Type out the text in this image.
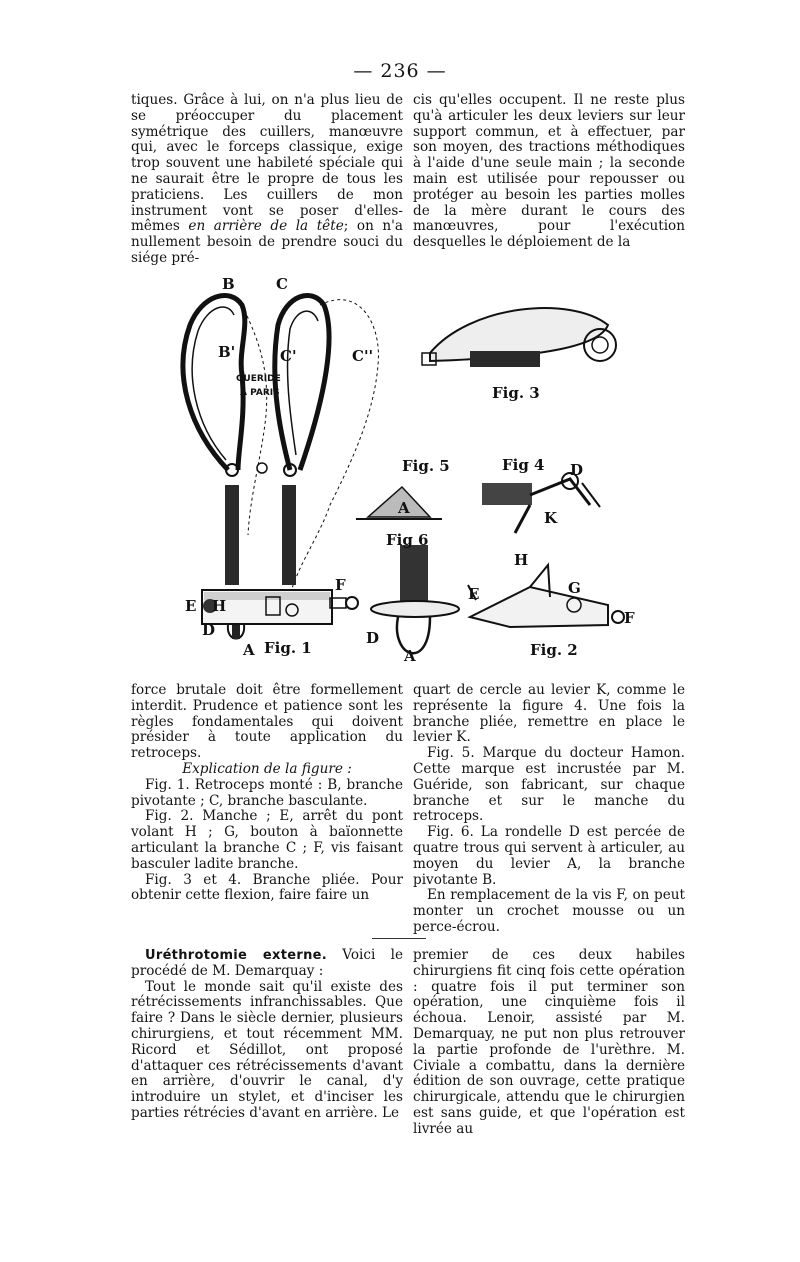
— 236 —

tiques. Grâce à lui, on n'a plus lieu de se préoccuper du placement symétrique des cuillers, manœuvre qui, avec le forceps classique, exige trop souvent une habileté spéciale qui ne saurait être le propre de tous les praticiens. Les cuillers de mon instrument vont se poser d'elles-mêmes en arrière de la tête; on n'a nullement besoin de prendre souci du siége pré-

cis qu'elles occupent. Il ne reste plus qu'à articuler les deux leviers sur leur support commun, et à effectuer, par son moyen, des tractions méthodiques à l'aide d'une seule main ; la seconde main est utilisée pour repousser ou protéger au besoin les parties molles de la mère durant le cours des manœuvres, pour l'exécution desquelles le déploiement de la

B	C
B'	C'	C''
GUERIDE
A PARIS
E H
F
D
A Fig. 1
Fig. 3
Fig. 5
A
Fig 4 D
K
Fig 6
D
A
H
G
E
F
Fig. 2

force brutale doit être formellement interdit. Prudence et patience sont les règles fondamentales qui doivent présider à toute application du retroceps.

Explication de la figure :

Fig. 1. Retroceps monté : B, branche pivotante ; C, branche basculante.

Fig. 2. Manche ; E, arrêt du pont volant H ; G, bouton à baïonnette articulant la branche C ; F, vis faisant basculer ladite branche.

Fig. 3 et 4. Branche pliée. Pour obtenir cette flexion, faire faire un

quart de cercle au levier K, comme le représente la figure 4. Une fois la branche pliée, remettre en place le levier K.

Fig. 5. Marque du docteur Hamon. Cette marque est incrustée par M. Guéride, son fabricant, sur chaque branche et sur le manche du retroceps.

Fig. 6. La rondelle D est percée de quatre trous qui servent à articuler, au moyen du levier A, la branche pivotante B.

En remplacement de la vis F, on peut monter un crochet mousse ou un perce-écrou.

Uréthrotomie externe. Voici le procédé de M. Demarquay :

Tout le monde sait qu'il existe des rétrécissements infranchissables. Que faire ? Dans le siècle dernier, plusieurs chirurgiens, et tout récemment MM. Ricord et Sédillot, ont proposé d'attaquer ces rétrécissements d'avant en arrière, d'ouvrir le canal, d'y introduire un stylet, et d'inciser les parties rétrécies d'avant en arrière. Le

premier de ces deux habiles chirurgiens fit cinq fois cette opération : quatre fois il put terminer son opération, une cinquième fois il échoua. Lenoir, assisté par M. Demarquay, ne put non plus retrouver la partie profonde de l'urèthre. M. Civiale a combattu, dans la dernière édition de son ouvrage, cette pratique chirurgicale, attendu que le chirurgien est sans guide, et que l'opération est livrée au
